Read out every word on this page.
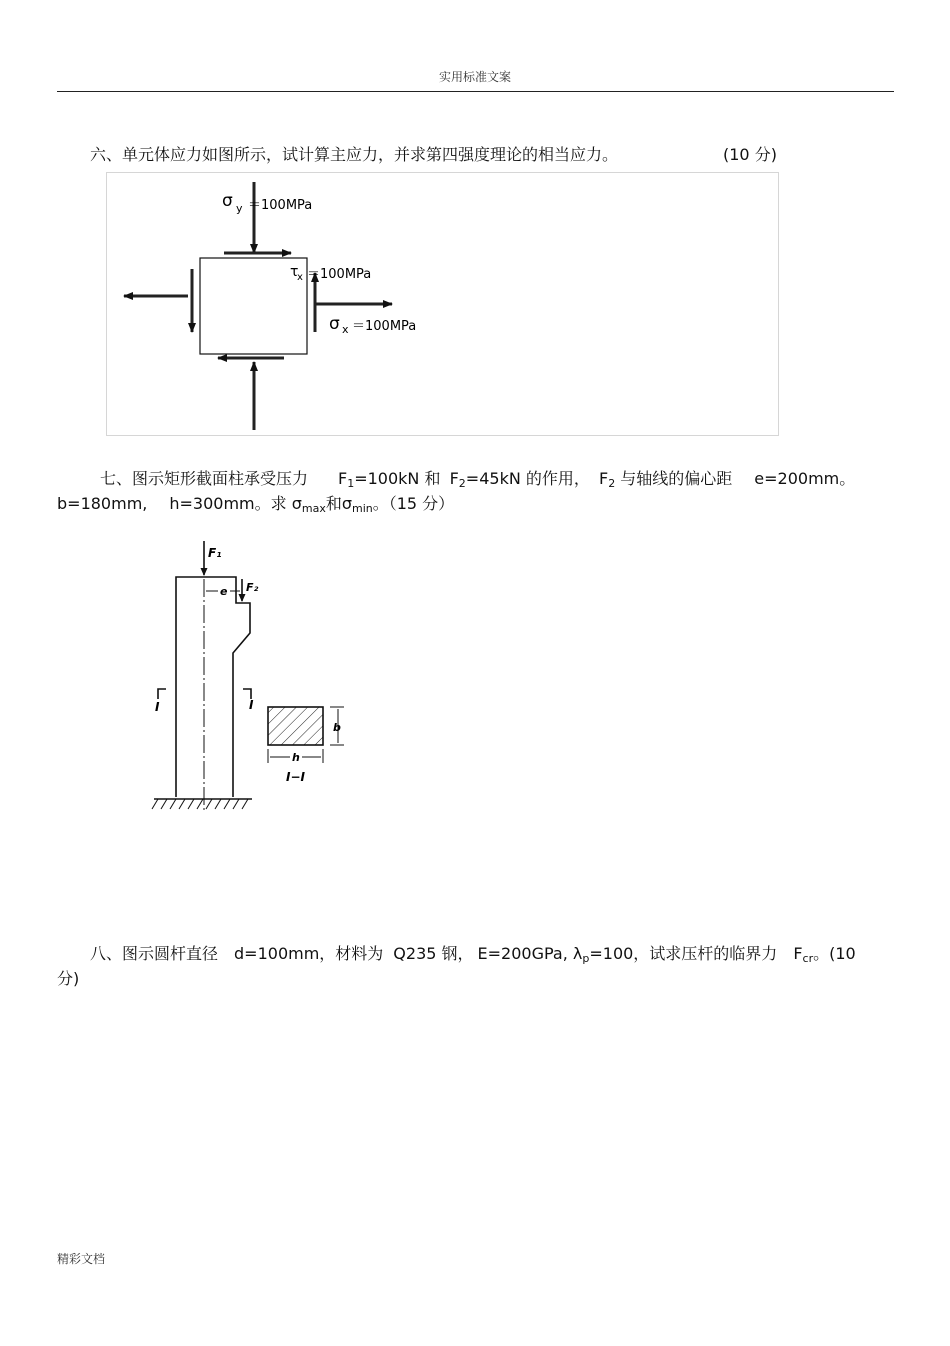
实用标准文案
六、单元体应力如图所示，试计算主应力，并求第四强度理论的相当应力。	(10 分)
σ y ＝100MPa
τ
x ＝100MPa
σ x ＝100MPa
七、图示矩形截面柱承受压力 $F_1=100kN$ 和 $F_2=45kN$ 的作用， $F_2$ 与轴线的偏心距 e=200mm。
b=180mm, h=300mm。求 $\sigma_{max}$和$\sigma_{min}$。（15 分）
F₁
F₂
e
I	I
b
h
I−I
八、图示圆杆直径 d=100mm，材料为 Q235 钢， E=200GPa, $\lambda_p=100$，试求压杆的临界力 $F_{cr}$。(10
分)
精彩文档
